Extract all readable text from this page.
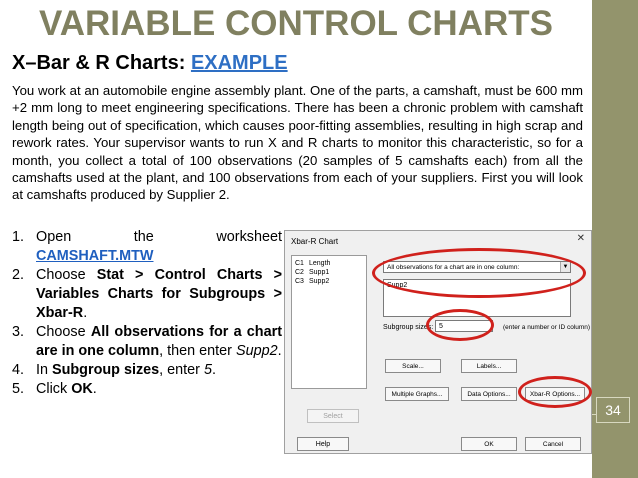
34
VARIABLE CONTROL CHARTS
X–Bar & R Charts: EXAMPLE
You work at an automobile engine assembly plant. One of the parts, a camshaft, must be 600 mm +2 mm long to meet engineering specifications. There has been a chronic problem with camshaft length being out of specification, which causes poor-fitting assemblies, resulting in high scrap and rework rates. Your supervisor wants to run X and R charts to monitor this characteristic, so for a month, you collect a total of 100 observations (20 samples of 5 camshafts each) from all the camshafts used at the plant, and 100 observations from each of your suppliers. First you will look at camshafts produced by Supplier 2.
1. Open the worksheet
CAMSHAFT.MTW
2. Choose Stat > Control Charts > Variables Charts for Subgroups > Xbar-R.
3. Choose All observations for a chart are in one column, then enter Supp2.
4. In Subgroup sizes, enter 5.
5. Click OK.
Xbar-R Chart	✕
C1 Length
C2 Supp1
C3 Supp2
Select
Help
All observations for a chart are in one column:	▼
Supp2
Subgroup sizes: 5	(enter a number or ID column)
Scale...	Labels...
Multiple Graphs...	Data Options...	Xbar-R Options...
OK	Cancel
